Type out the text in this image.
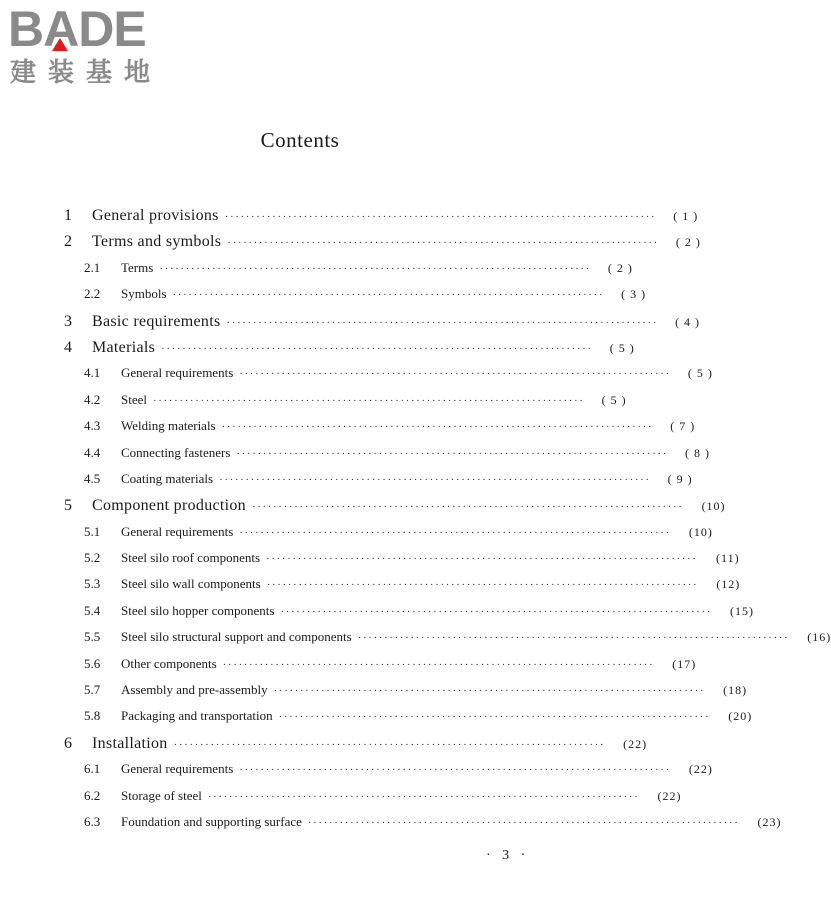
BADE
建装基地
Contents
1	General provisions ··················································································	( 1 )
2	Terms and symbols ··················································································	( 2 )
2.1	Terms ··················································································	( 2 )
2.2	Symbols ··················································································	( 3 )
3	Basic requirements ··················································································	( 4 )
4	Materials ··················································································	( 5 )
4.1	General requirements ··················································································	( 5 )
4.2	Steel ··················································································	( 5 )
4.3	Welding materials ··················································································	( 7 )
4.4	Connecting fasteners ··················································································	( 8 )
4.5	Coating materials ··················································································	( 9 )
5	Component production ··················································································	(10)
5.1	General requirements ··················································································	(10)
5.2	Steel silo roof components ··················································································	(11)
5.3	Steel silo wall components ··················································································	(12)
5.4	Steel silo hopper components ··················································································	(15)
5.5	Steel silo structural support and components ··················································································	(16)
5.6	Other components ··················································································	(17)
5.7	Assembly and pre-assembly ··················································································	(18)
5.8	Packaging and transportation ··················································································	(20)
6	Installation ··················································································	(22)
6.1	General requirements ··················································································	(22)
6.2	Storage of steel ··················································································	(22)
6.3	Foundation and supporting surface ··················································································	(23)
· 3 ·
